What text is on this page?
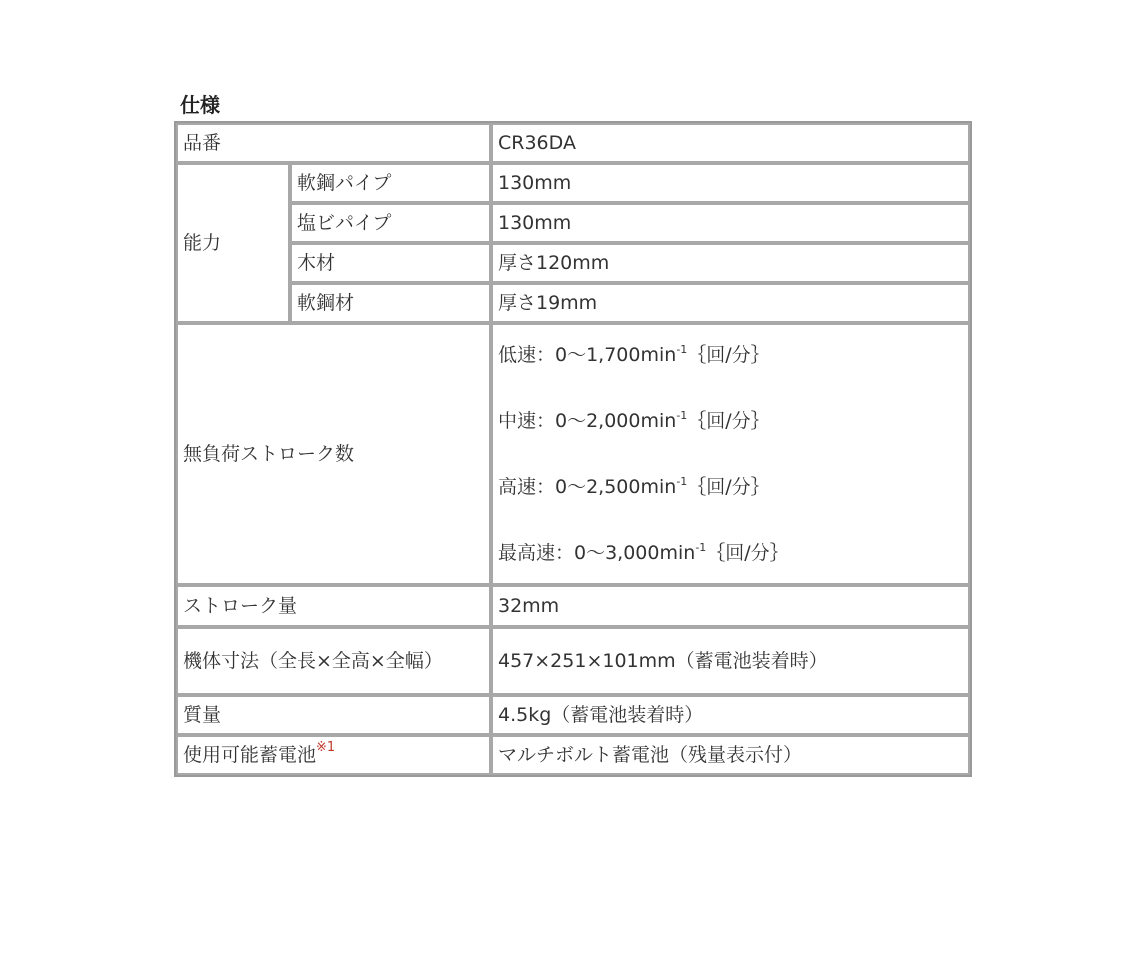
仕様
品番		CR36DA
能力	軟鋼パイプ	130mm
	塩ビパイプ	130mm
	木材	厚さ120mm
	軟鋼材	厚さ19mm
無負荷ストローク数		低速：$0\sim 1,700\min^{-1}\{$回/分｝
中速：$0\sim 2,000\min^{-1}\{$回/分｝
高速：$0\sim 2,500\min^{-1}\{$回/分｝
最高速：$0\sim 3,000\min^{-1}\{$回/分｝

ストローク量		32mm
機体寸法（全長×全高×全幅）		457×251×101mm（蓄電池装着時）
質量		4.5kg（蓄電池装着時）
使用可能蓄電池$^{※1}$		マルチボルト蓄電池（残量表示付）
